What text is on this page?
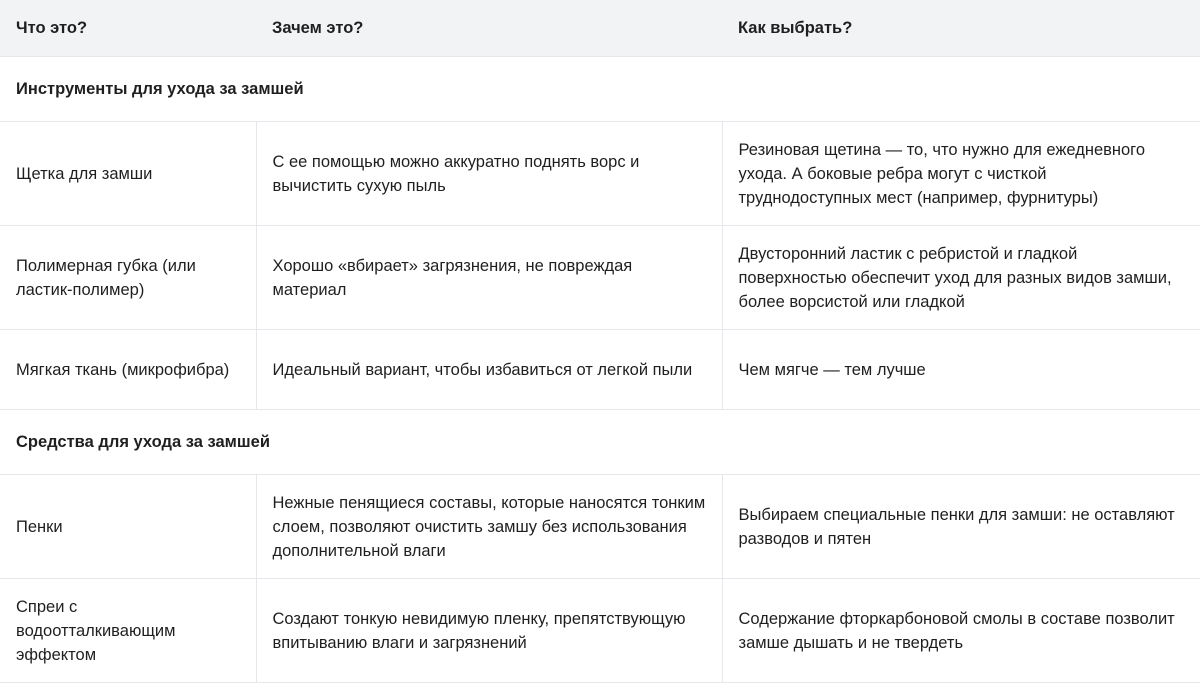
Что это?	Зачем это?	Как выбрать?
Инструменты для ухода за замшей		
Щетка для замши	С ее помощью можно аккуратно поднять ворс и вычистить сухую пыль	Резиновая щетина — то, что нужно для ежедневного ухода. А боковые ребра могут с чисткой труднодоступных мест (например, фурнитуры)
Полимерная губка (или ластик-полимер)	Хорошо «вбирает» загрязнения, не повреждая материал	Двусторонний ластик с ребристой и гладкой поверхностью обеспечит уход для разных видов замши, более ворсистой или гладкой
Мягкая ткань (микрофибра)	Идеальный вариант, чтобы избавиться от легкой пыли	Чем мягче — тем лучше
Средства для ухода за замшей		
Пенки	Нежные пенящиеся составы, которые наносятся тонким слоем, позволяют очистить замшу без использования дополнительной влаги	Выбираем специальные пенки для замши: не оставляют разводов и пятен
Спреи с водоотталкивающим эффектом	Создают тонкую невидимую пленку, препятствующую впитыванию влаги и загрязнений	Содержание фторкарбоновой смолы в составе позволит замше дышать и не твердеть
